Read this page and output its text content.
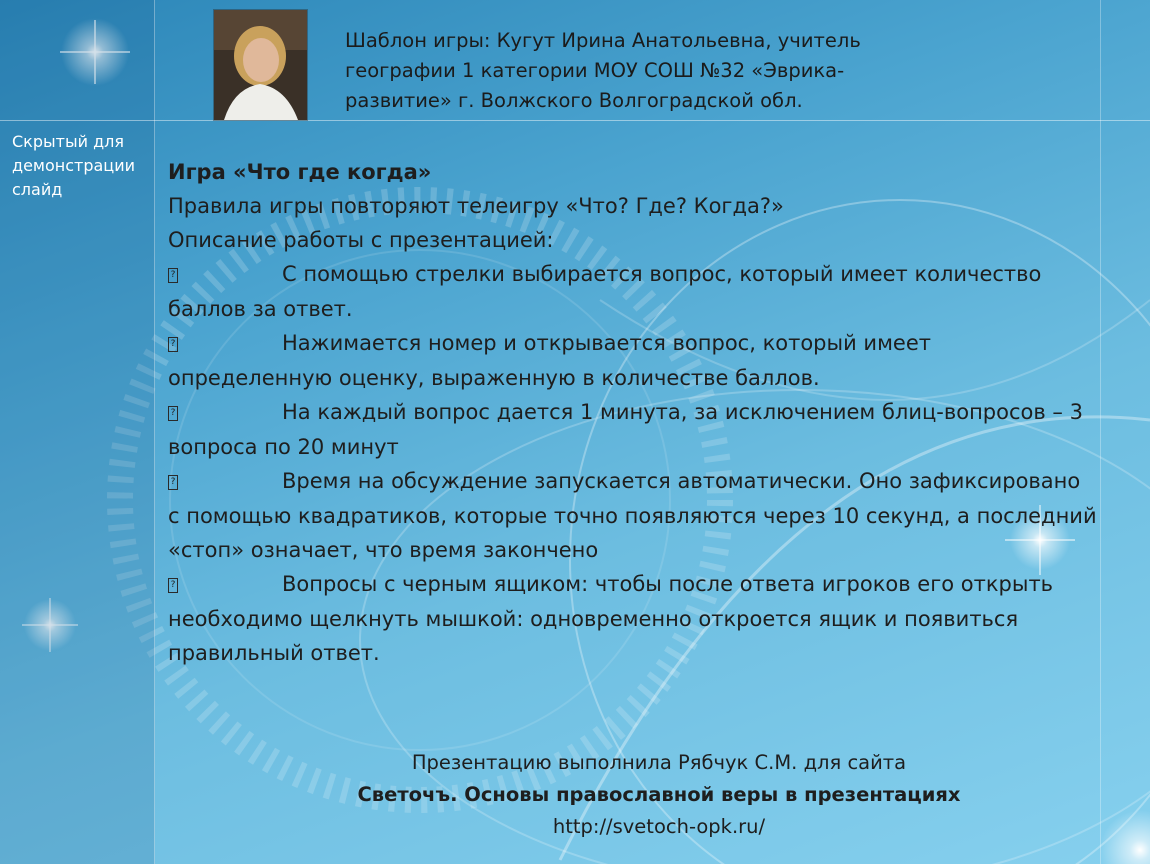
Скрытый для демонстрации слайд
Шаблон игры: Кугут Ирина Анатольевна, учитель географии 1 категории МОУ СОШ №32 «Эврика-развитие» г. Волжского Волгоградской обл.

Игра «Что где когда»

Правила игры повторяют телеигру «Что? Где? Когда?»

Описание работы с презентацией:

?	С помощью стрелки выбирается вопрос, который имеет количество баллов за ответ.

?	Нажимается номер и открывается вопрос, который имеет определенную оценку, выраженную в количестве баллов.

?	На каждый вопрос дается 1 минута, за исключением блиц-вопросов – 3 вопроса по 20 минут

?	Время на обсуждение запускается автоматически. Оно зафиксировано с помощью квадратиков, которые точно появляются через 10 секунд, а последний «стоп» означает, что время закончено

?	Вопросы с черным ящиком: чтобы после ответа игроков его открыть необходимо щелкнуть мышкой: одновременно откроется ящик и появиться правильный ответ.

Презентацию выполнила Рябчук С.М. для сайта
Светочъ. Основы православной веры в презентациях
http://svetoch-opk.ru/
